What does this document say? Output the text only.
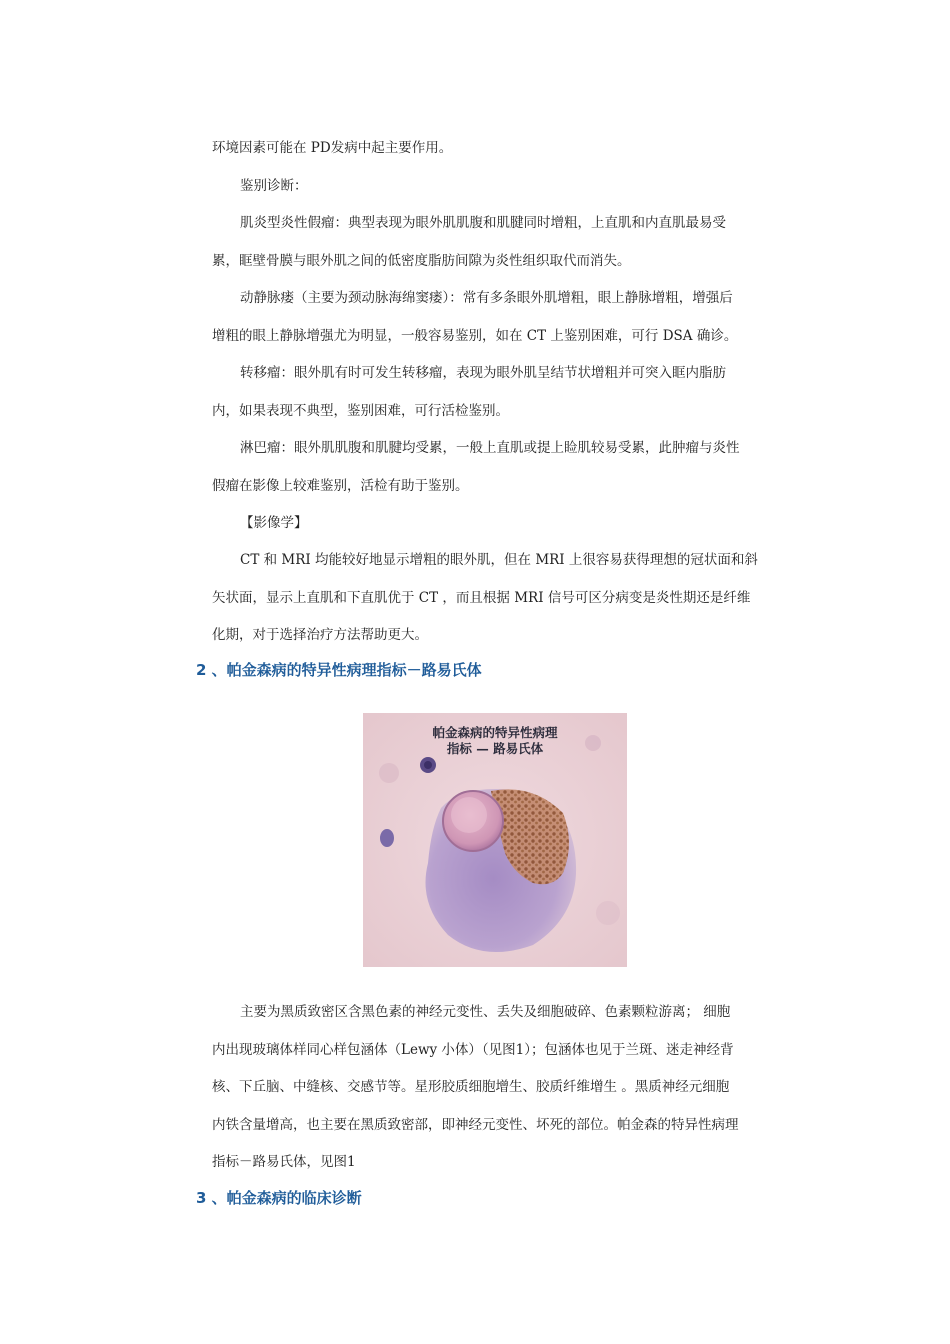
环境因素可能在 PD发病中起主要作用。
鉴别诊断：
肌炎型炎性假瘤：典型表现为眼外肌肌腹和肌腱同时增粗，上直肌和内直肌最易受
累，眶壁骨膜与眼外肌之间的低密度脂肪间隙为炎性组织取代而消失。
动静脉瘘（主要为颈动脉海绵窦瘘）：常有多条眼外肌增粗，眼上静脉增粗，增强后
增粗的眼上静脉增强尤为明显，一般容易鉴别，如在 CT 上鉴别困难，可行 DSA 确诊。
转移瘤：眼外肌有时可发生转移瘤，表现为眼外肌呈结节状增粗并可突入眶内脂肪
内，如果表现不典型，鉴别困难，可行活检鉴别。
淋巴瘤：眼外肌肌腹和肌腱均受累，一般上直肌或提上睑肌较易受累，此肿瘤与炎性
假瘤在影像上较难鉴别，活检有助于鉴别。
【影像学】
CT 和 MRI 均能较好地显示增粗的眼外肌，但在 MRI 上很容易获得理想的冠状面和斜
矢状面，显示上直肌和下直肌优于 CT ，而且根据 MRI 信号可区分病变是炎性期还是纤维
化期，对于选择治疗方法帮助更大。
2 、帕金森病的特异性病理指标－路易氏体
帕金森病的特异性病理
指标 — 路易氏体
主要为黑质致密区含黑色素的神经元变性、丢失及细胞破碎、色素颗粒游离； 细胞
内出现玻璃体样同心样包涵体（Lewy 小体）（见图1）；包涵体也见于兰斑、迷走神经背
核、下丘脑、中缝核、交感节等。星形胶质细胞增生、胶质纤维增生 。黑质神经元细胞
内铁含量增高，也主要在黑质致密部，即神经元变性、坏死的部位。帕金森的特异性病理
指标－路易氏体，见图1
3 、帕金森病的临床诊断
